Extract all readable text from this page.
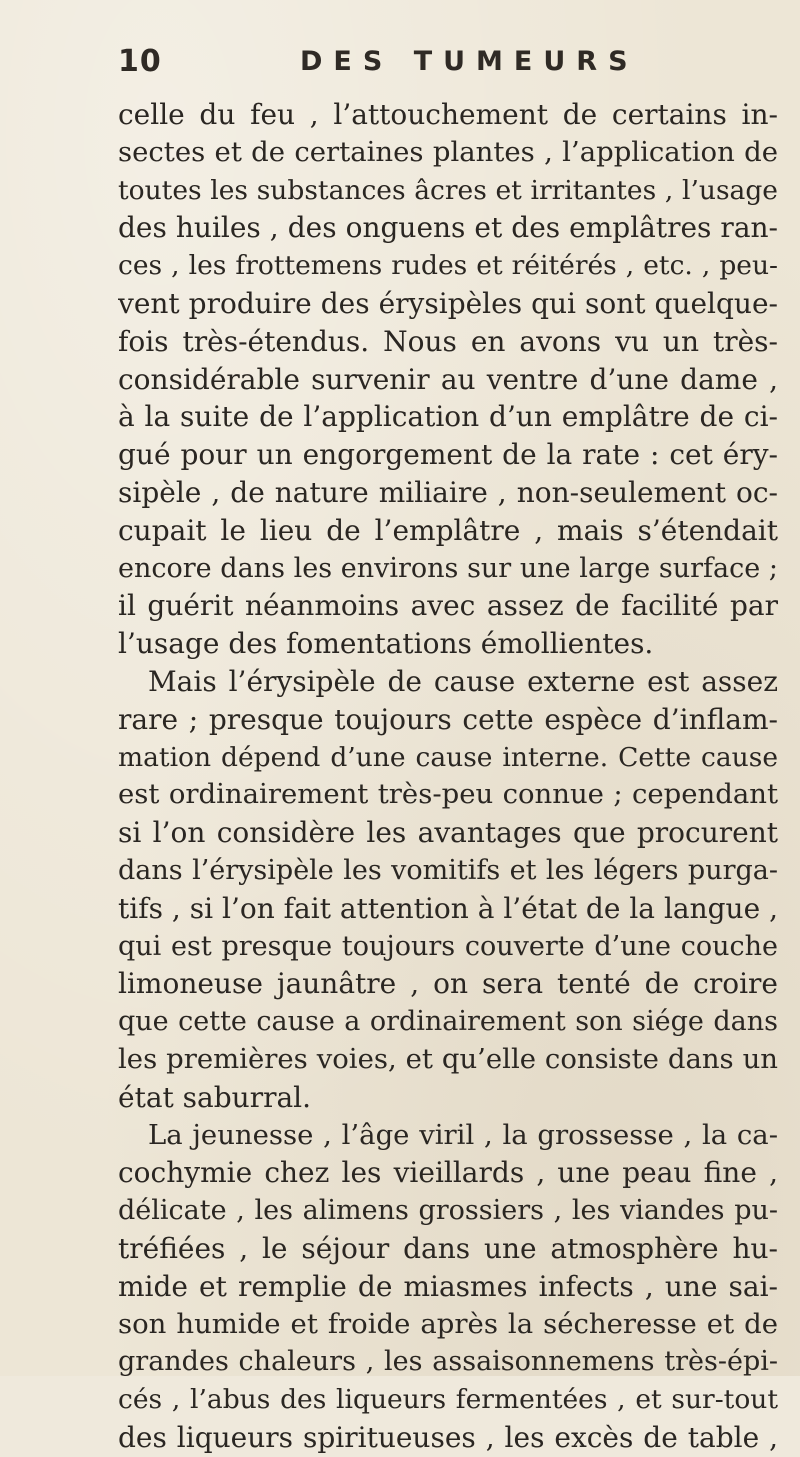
10	DES TUMEURS
celle du feu , l’attouchement de certains in-
sectes et de certaines plantes , l’application de
toutes les substances âcres et irritantes , l’usage
des huiles , des onguens et des emplâtres ran-
ces , les frottemens rudes et réitérés , etc. , peu-
vent produire des érysipèles qui sont quelque-
fois très-étendus. Nous en avons vu un très-
considérable survenir au ventre d’une dame ,
à la suite de l’application d’un emplâtre de ci-
gué pour un engorgement de la rate : cet éry-
sipèle , de nature miliaire , non-seulement oc-
cupait le lieu de l’emplâtre , mais s’étendait
encore dans les environs sur une large surface ;
il guérit néanmoins avec assez de facilité par
l’usage des fomentations émollientes.
Mais l’érysipèle de cause externe est assez
rare ; presque toujours cette espèce d’inflam-
mation dépend d’une cause interne. Cette cause
est ordinairement très-peu connue ; cependant
si l’on considère les avantages que procurent
dans l’érysipèle les vomitifs et les légers purga-
tifs , si l’on fait attention à l’état de la langue ,
qui est presque toujours couverte d’une couche
limoneuse jaunâtre , on sera tenté de croire
que cette cause a ordinairement son siége dans
les premières voies, et qu’elle consiste dans un
état saburral.
La jeunesse , l’âge viril , la grossesse , la ca-
cochymie chez les vieillards , une peau fine ,
délicate , les alimens grossiers , les viandes pu-
tréfiées , le séjour dans une atmosphère hu-
mide et remplie de miasmes infects , une sai-
son humide et froide après la sécheresse et de
grandes chaleurs , les assaisonnemens très-épi-
cés , l’abus des liqueurs fermentées , et sur-tout
des liqueurs spiritueuses , les excès de table ,
